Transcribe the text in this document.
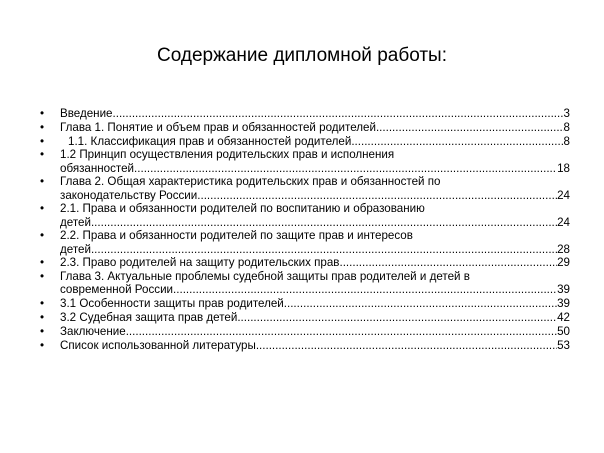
Содержание дипломной работы:
• Введение .....	3
• Глава 1. Понятие и объем прав и обязанностей родителей .....	8
• 1.1. Классификация прав и обязанностей родителей .....	8
• 1.2 Принцип осуществления родительских прав и исполнения
обязанностей .....	18
• Глава 2. Общая характеристика родительских прав и обязанностей по
законодательству России .....	24
• 2.1. Права и обязанности родителей по воспитанию и образованию
детей .....	24
• 2.2. Права и обязанности родителей по защите прав и интересов
детей .....	28
• 2.3. Право родителей на защиту родительских прав .....	29
• Глава 3. Актуальные проблемы судебной защиты прав родителей и детей в
современной России .....	39
• 3.1 Особенности защиты прав родителей .....	39
• 3.2 Судебная защита прав детей .....	42
• Заключение .....	50
• Список использованной литературы .....	53
